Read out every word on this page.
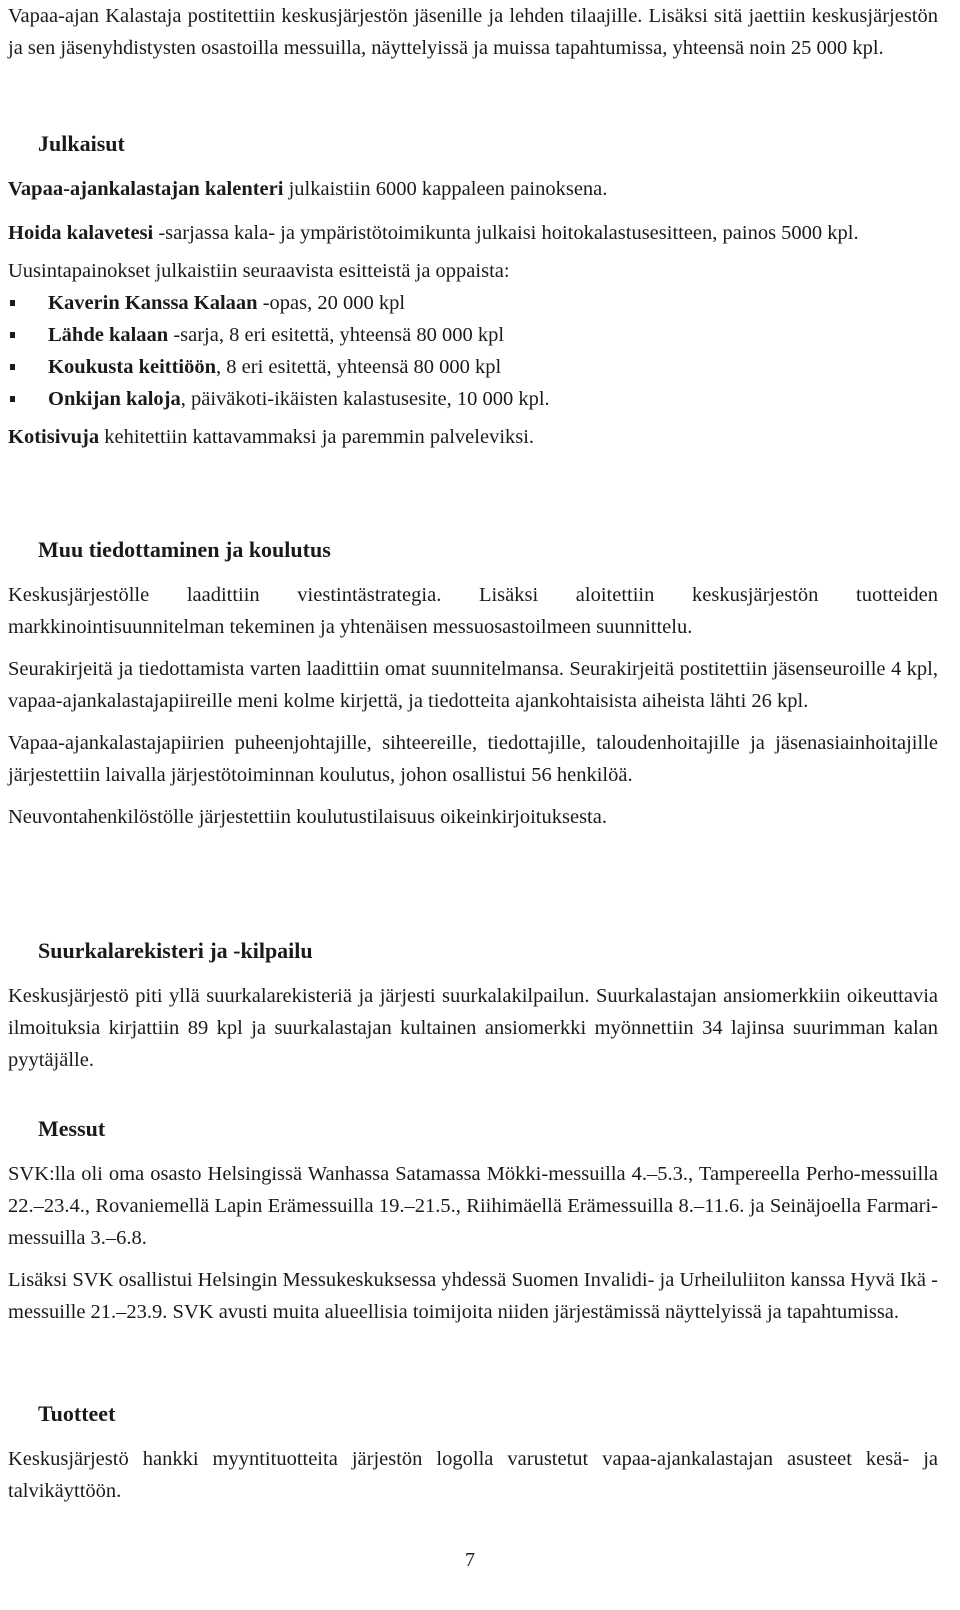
Vapaa-ajan Kalastaja postitettiin keskusjärjestön jäsenille ja lehden tilaajille. Lisäksi sitä jaettiin keskusjärjestön ja sen jäsenyhdistysten osastoilla messuilla, näyttelyissä ja muissa tapahtumissa, yhteensä noin 25 000 kpl.

Julkaisut

Vapaa-ajankalastajan kalenteri julkaistiin 6000 kappaleen painoksena.

Hoida kalavetesi -sarjassa kala- ja ympäristötoimikunta julkaisi hoitokalastusesitteen, painos 5000 kpl.

Uusintapainokset julkaistiin seuraavista esitteistä ja oppaista:

Kaverin Kanssa Kalaan -opas, 20 000 kpl
Lähde kalaan -sarja, 8 eri esitettä, yhteensä 80 000 kpl
Koukusta keittiöön, 8 eri esitettä, yhteensä 80 000 kpl
Onkijan kaloja, päiväkoti-ikäisten kalastusesite, 10 000 kpl.

Kotisivuja kehitettiin kattavammaksi ja paremmin palveleviksi.

Muu tiedottaminen ja koulutus

Keskusjärjestölle laadittiin viestintästrategia. Lisäksi aloitettiin keskusjärjestön tuotteiden markkinointisuunnitelman tekeminen ja yhtenäisen messuosastoilmeen suunnittelu.

Seurakirjeitä ja tiedottamista varten laadittiin omat suunnitelmansa. Seurakirjeitä postitettiin jäsenseuroille 4 kpl, vapaa-ajankalastajapiireille meni kolme kirjettä, ja tiedotteita ajankohtaisista aiheista lähti 26 kpl.

Vapaa-ajankalastajapiirien puheenjohtajille, sihteereille, tiedottajille, taloudenhoitajille ja jäsenasiainhoitajille järjestettiin laivalla järjestötoiminnan koulutus, johon osallistui 56 henkilöä.

Neuvontahenkilöstölle järjestettiin koulutustilaisuus oikeinkirjoituksesta.

Suurkalarekisteri ja -kilpailu

Keskusjärjestö piti yllä suurkalarekisteriä ja järjesti suurkalakilpailun. Suurkalastajan ansiomerkkiin oikeuttavia ilmoituksia kirjattiin 89 kpl ja suurkalastajan kultainen ansiomerkki myönnettiin 34 lajinsa suurimman kalan pyytäjälle.

Messut

SVK:lla oli oma osasto Helsingissä Wanhassa Satamassa Mökki-messuilla 4.–5.3., Tampereella Perho-messuilla 22.–23.4., Rovaniemellä Lapin Erämessuilla 19.–21.5., Riihimäellä Erämessuilla 8.–11.6. ja Seinäjoella Farmari-messuilla 3.–6.8.

Lisäksi SVK osallistui Helsingin Messukeskuksessa yhdessä Suomen Invalidi- ja Urheiluliiton kanssa Hyvä Ikä -messuille 21.–23.9. SVK avusti muita alueellisia toimijoita niiden järjestämissä näyttelyissä ja tapahtumissa.

Tuotteet

Keskusjärjestö hankki myyntituotteita järjestön logolla varustetut vapaa-ajankalastajan asusteet kesä- ja talvikäyttöön.

7
